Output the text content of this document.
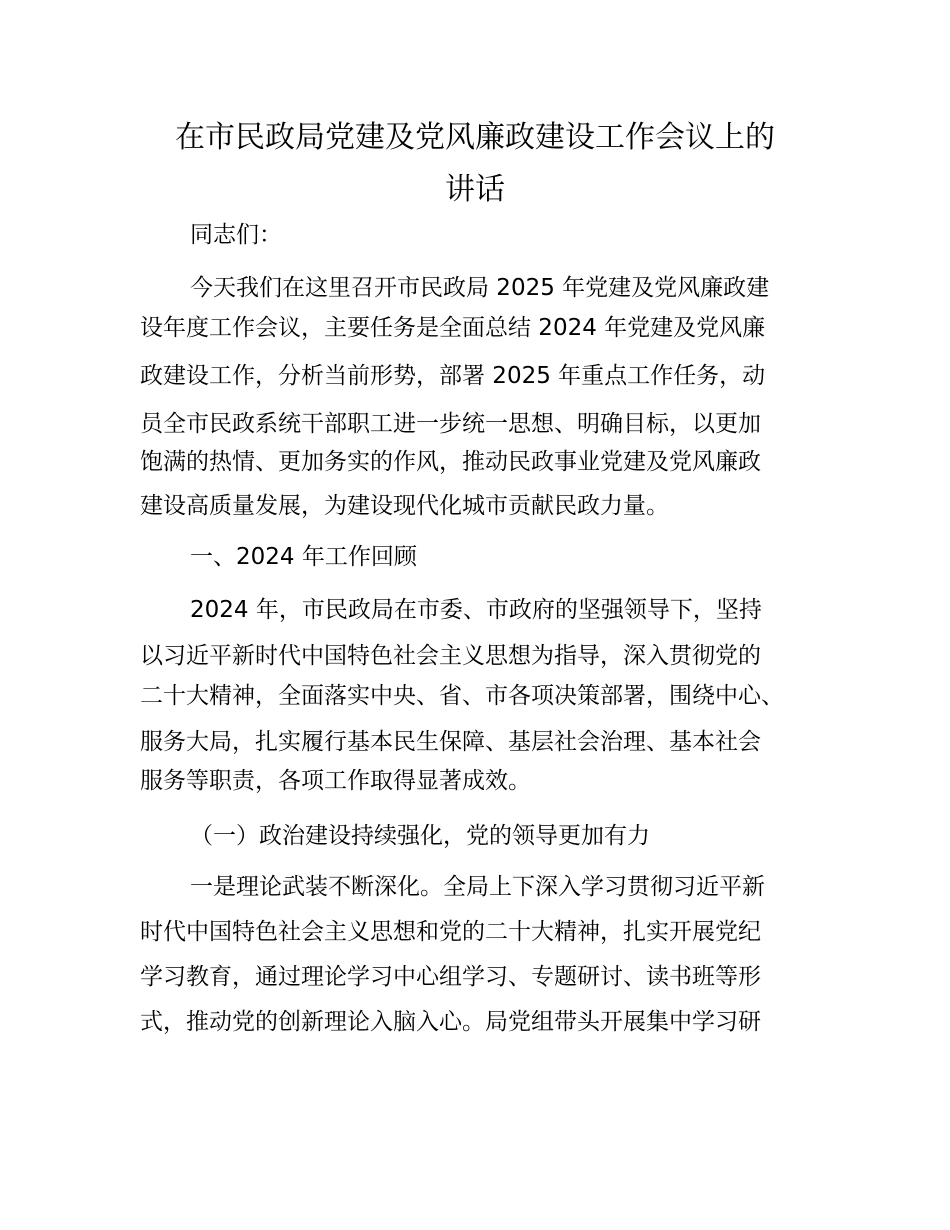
在市民政局党建及党风廉政建设工作会议上的
讲话

同志们：

今天我们在这里召开市民政局 2025 年党建及党风廉政建

设年度工作会议，主要任务是全面总结 2024 年党建及党风廉

政建设工作，分析当前形势，部署 2025 年重点工作任务，动

员全市民政系统干部职工进一步统一思想、明确目标，以更加

饱满的热情、更加务实的作风，推动民政事业党建及党风廉政

建设高质量发展，为建设现代化城市贡献民政力量。

一、2024 年工作回顾

2024 年，市民政局在市委、市政府的坚强领导下，坚持

以习近平新时代中国特色社会主义思想为指导，深入贯彻党的

二十大精神，全面落实中央、省、市各项决策部署，围绕中心、

服务大局，扎实履行基本民生保障、基层社会治理、基本社会

服务等职责，各项工作取得显著成效。

（一）政治建设持续强化，党的领导更加有力

一是理论武装不断深化。全局上下深入学习贯彻习近平新

时代中国特色社会主义思想和党的二十大精神，扎实开展党纪

学习教育，通过理论学习中心组学习、专题研讨、读书班等形

式，推动党的创新理论入脑入心。局党组带头开展集中学习研
